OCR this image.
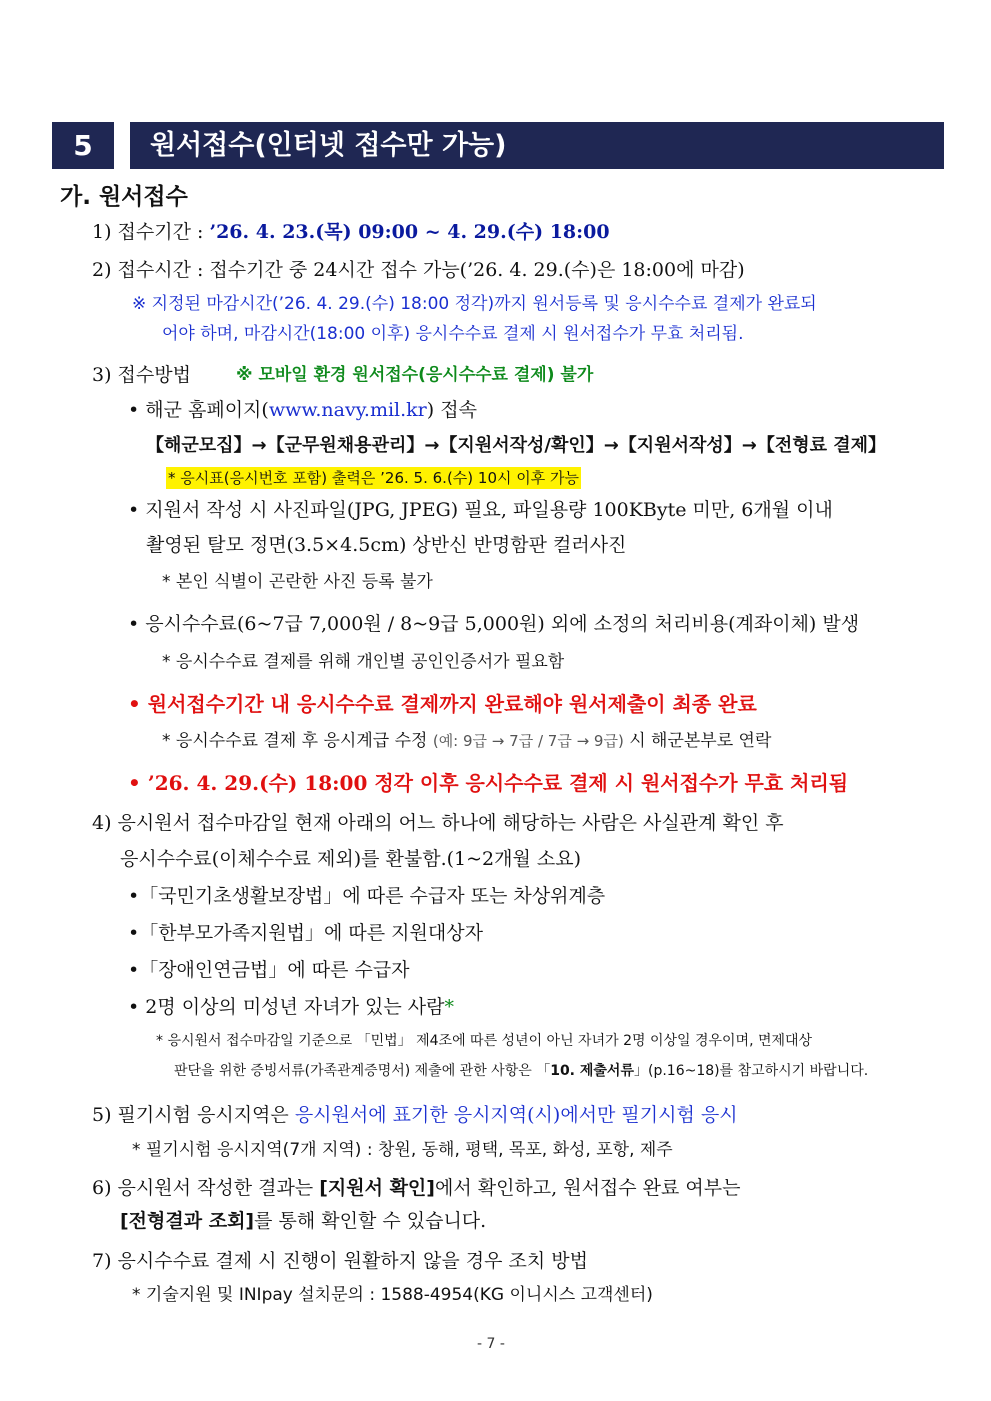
5	원서접수(인터넷 접수만 가능)
가. 원서접수
1) 접수기간 : ’26. 4. 23.(목) 09:00 ~ 4. 29.(수) 18:00
2) 접수시간 : 접수기간 중 24시간 접수 가능(’26. 4. 29.(수)은 18:00에 마감)
※ 지정된 마감시간(’26. 4. 29.(수) 18:00 정각)까지 원서등록 및 응시수수료 결제가 완료되
어야 하며, 마감시간(18:00 이후) 응시수수료 결제 시 원서접수가 무효 처리됨.
3) 접수방법	※ 모바일 환경 원서접수(응시수수료 결제) 불가
• 해군 홈페이지(www.navy.mil.kr) 접속
【해군모집】→【군무원채용관리】→【지원서작성/확인】→【지원서작성】→【전형료 결제】
* 응시표(응시번호 포함) 출력은 ’26. 5. 6.(수) 10시 이후 가능
• 지원서 작성 시 사진파일(JPG, JPEG) 필요, 파일용량 100KByte 미만, 6개월 이내
촬영된 탈모 정면(3.5×4.5cm) 상반신 반명함판 컬러사진
* 본인 식별이 곤란한 사진 등록 불가
• 응시수수료(6~7급 7,000원 / 8~9급 5,000원) 외에 소정의 처리비용(계좌이체) 발생
* 응시수수료 결제를 위해 개인별 공인인증서가 필요함
• 원서접수기간 내 응시수수료 결제까지 완료해야 원서제출이 최종 완료
* 응시수수료 결제 후 응시계급 수정 (예: 9급 → 7급 / 7급 → 9급) 시 해군본부로 연락
• ’26. 4. 29.(수) 18:00 정각 이후 응시수수료 결제 시 원서접수가 무효 처리됨
4) 응시원서 접수마감일 현재 아래의 어느 하나에 해당하는 사람은 사실관계 확인 후
응시수수료(이체수수료 제외)를 환불함.(1~2개월 소요)
•「국민기초생활보장법」에 따른 수급자 또는 차상위계층
•「한부모가족지원법」에 따른 지원대상자
•「장애인연금법」에 따른 수급자
• 2명 이상의 미성년 자녀가 있는 사람*
* 응시원서 접수마감일 기준으로 「민법」 제4조에 따른 성년이 아닌 자녀가 2명 이상일 경우이며, 면제대상
판단을 위한 증빙서류(가족관계증명서) 제출에 관한 사항은 「10. 제출서류」(p.16~18)를 참고하시기 바랍니다.
5) 필기시험 응시지역은 응시원서에 표기한 응시지역(시)에서만 필기시험 응시
* 필기시험 응시지역(7개 지역) : 창원, 동해, 평택, 목포, 화성, 포항, 제주
6) 응시원서 작성한 결과는 [지원서 확인]에서 확인하고, 원서접수 완료 여부는
[전형결과 조회]를 통해 확인할 수 있습니다.
7) 응시수수료 결제 시 진행이 원활하지 않을 경우 조치 방법
* 기술지원 및 INIpay 설치문의 : 1588-4954(KG 이니시스 고객센터)
- 7 -
